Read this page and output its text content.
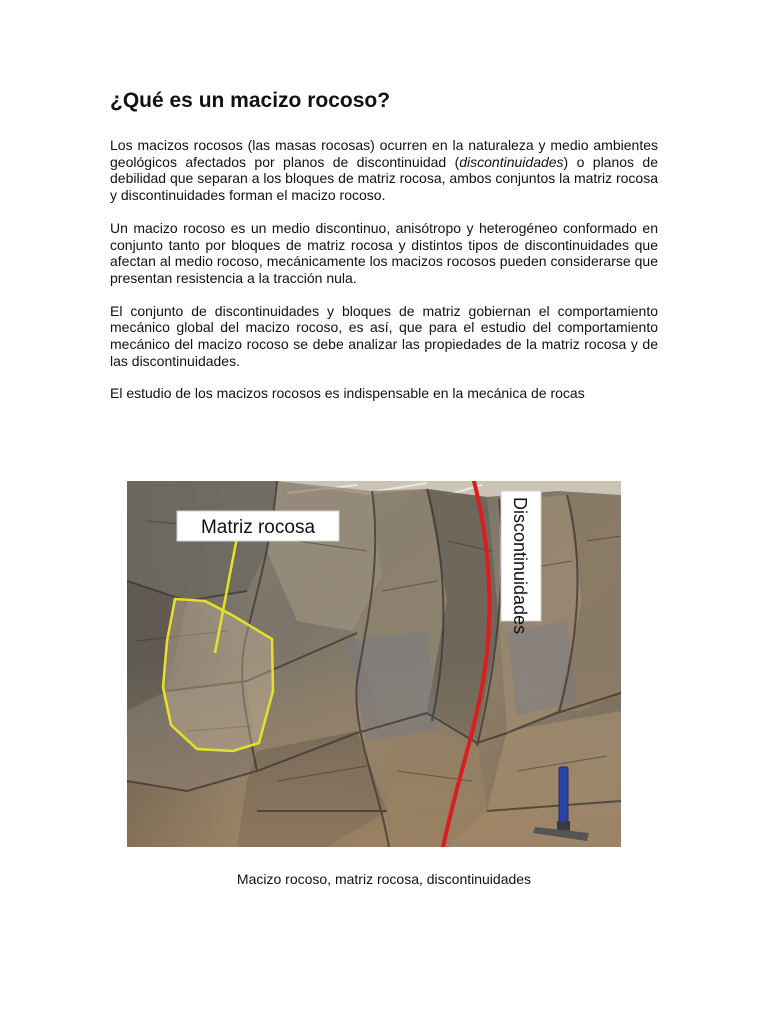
¿Qué es un macizo rocoso?

Los macizos rocosos (las masas rocosas) ocurren en la naturaleza y medio ambientes geológicos afectados por planos de discontinuidad (discontinuidades) o planos de debilidad que separan a los bloques de matriz rocosa, ambos conjuntos la matriz rocosa y discontinuidades forman el macizo rocoso.

Un macizo rocoso es un medio discontinuo, anisótropo y heterogéneo conformado en conjunto tanto por bloques de matriz rocosa y distintos tipos de discontinuidades que afectan al medio rocoso, mecánicamente los macizos rocosos pueden considerarse que presentan resistencia a la tracción nula.

El conjunto de discontinuidades y bloques de matriz gobiernan el comportamiento mecánico global del macizo rocoso, es así, que para el estudio del comportamiento mecánico del macizo rocoso se debe analizar las propiedades de la matriz rocosa y de las discontinuidades.

El estudio de los macizos rocosos es indispensable en la mecánica de rocas

Matriz rocosa	Discontinuidades
Macizo rocoso, matriz rocosa, discontinuidades
